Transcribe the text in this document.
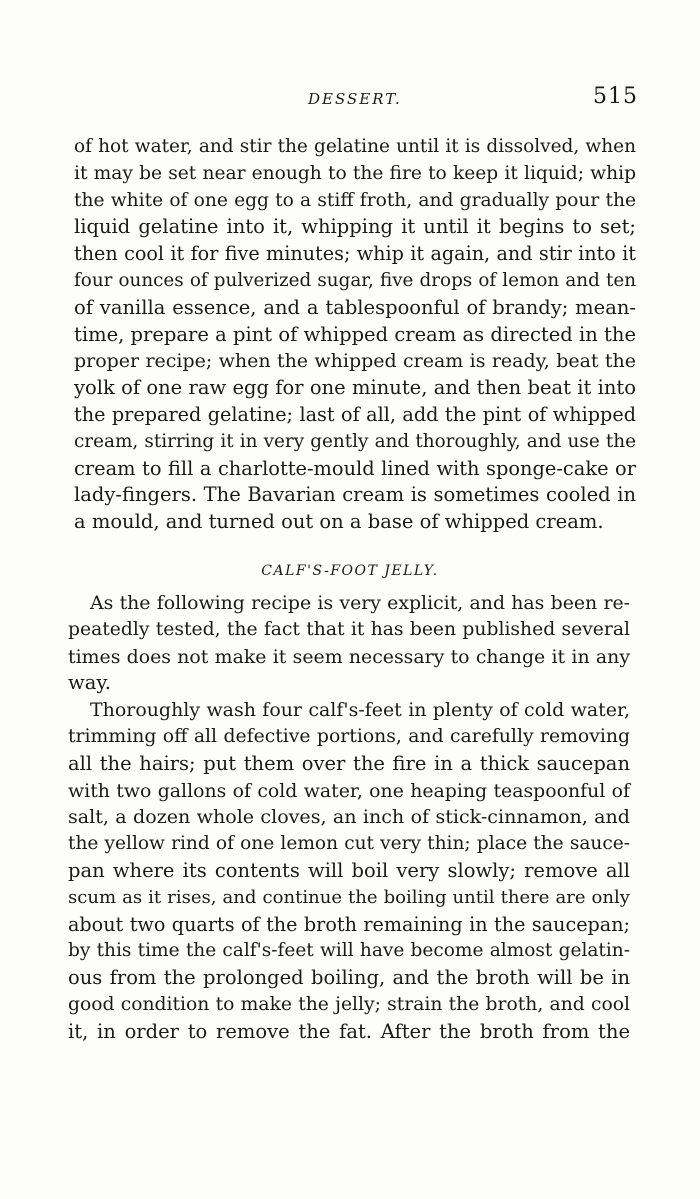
DESSERT.	515
of hot water, and stir the gelatine until it is dissolved, when
it may be set near enough to the fire to keep it liquid; whip
the white of one egg to a stiff froth, and gradually pour the
liquid gelatine into it, whipping it until it begins to set;
then cool it for five minutes; whip it again, and stir into it
four ounces of pulverized sugar, five drops of lemon and ten
of vanilla essence, and a tablespoonful of brandy; mean-
time, prepare a pint of whipped cream as directed in the
proper recipe; when the whipped cream is ready, beat the
yolk of one raw egg for one minute, and then beat it into
the prepared gelatine; last of all, add the pint of whipped
cream, stirring it in very gently and thoroughly, and use the
cream to fill a charlotte-mould lined with sponge-cake or
lady-fingers. The Bavarian cream is sometimes cooled in
a mould, and turned out on a base of whipped cream.
CALF'S-FOOT JELLY.
As the following recipe is very explicit, and has been re-
peatedly tested, the fact that it has been published several
times does not make it seem necessary to change it in any
way.
Thoroughly wash four calf's-feet in plenty of cold water,
trimming off all defective portions, and carefully removing
all the hairs; put them over the fire in a thick saucepan
with two gallons of cold water, one heaping teaspoonful of
salt, a dozen whole cloves, an inch of stick-cinnamon, and
the yellow rind of one lemon cut very thin; place the sauce-
pan where its contents will boil very slowly; remove all
scum as it rises, and continue the boiling until there are only
about two quarts of the broth remaining in the saucepan;
by this time the calf's-feet will have become almost gelatin-
ous from the prolonged boiling, and the broth will be in
good condition to make the jelly; strain the broth, and cool
it, in order to remove the fat. After the broth from the
